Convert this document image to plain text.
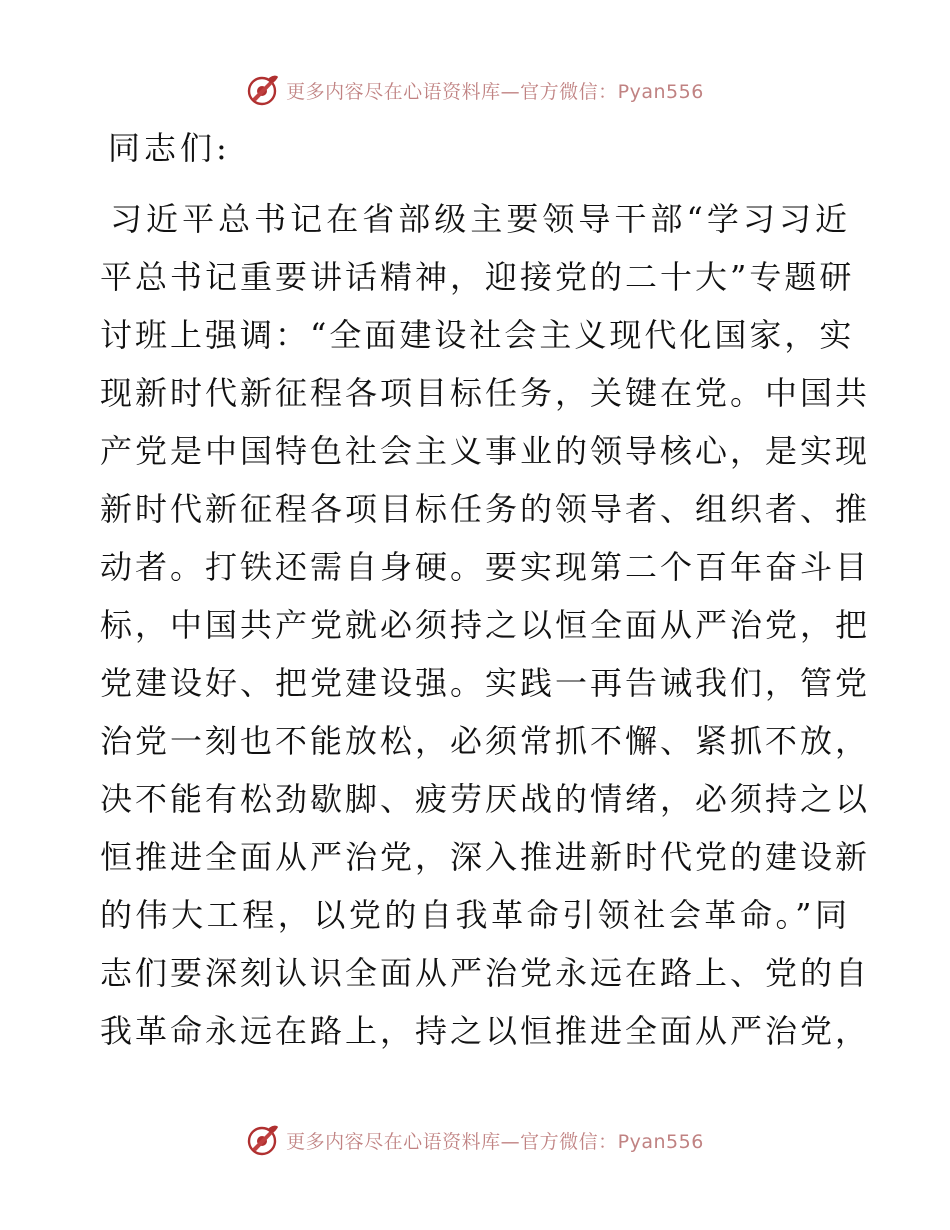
更多内容尽在心语资料库—官方微信：Pyan556
同志们:
习近平总书记在省部级主要领导干部“学习习近
平总书记重要讲话精神，迎接党的二十大”专题研
讨班上强调：“全面建设社会主义现代化国家，实
现新时代新征程各项目标任务，关键在党。中国共
产党是中国特色社会主义事业的领导核心，是实现
新时代新征程各项目标任务的领导者、组织者、推
动者。打铁还需自身硬。要实现第二个百年奋斗目
标，中国共产党就必须持之以恒全面从严治党，把
党建设好、把党建设强。实践一再告诫我们，管党
治党一刻也不能放松，必须常抓不懈、紧抓不放，
决不能有松劲歇脚、疲劳厌战的情绪，必须持之以
恒推进全面从严治党，深入推进新时代党的建设新
的伟大工程，以党的自我革命引领社会革命。”同
志们要深刻认识全面从严治党永远在路上、党的自
我革命永远在路上，持之以恒推进全面从严治党，
更多内容尽在心语资料库—官方微信：Pyan556
